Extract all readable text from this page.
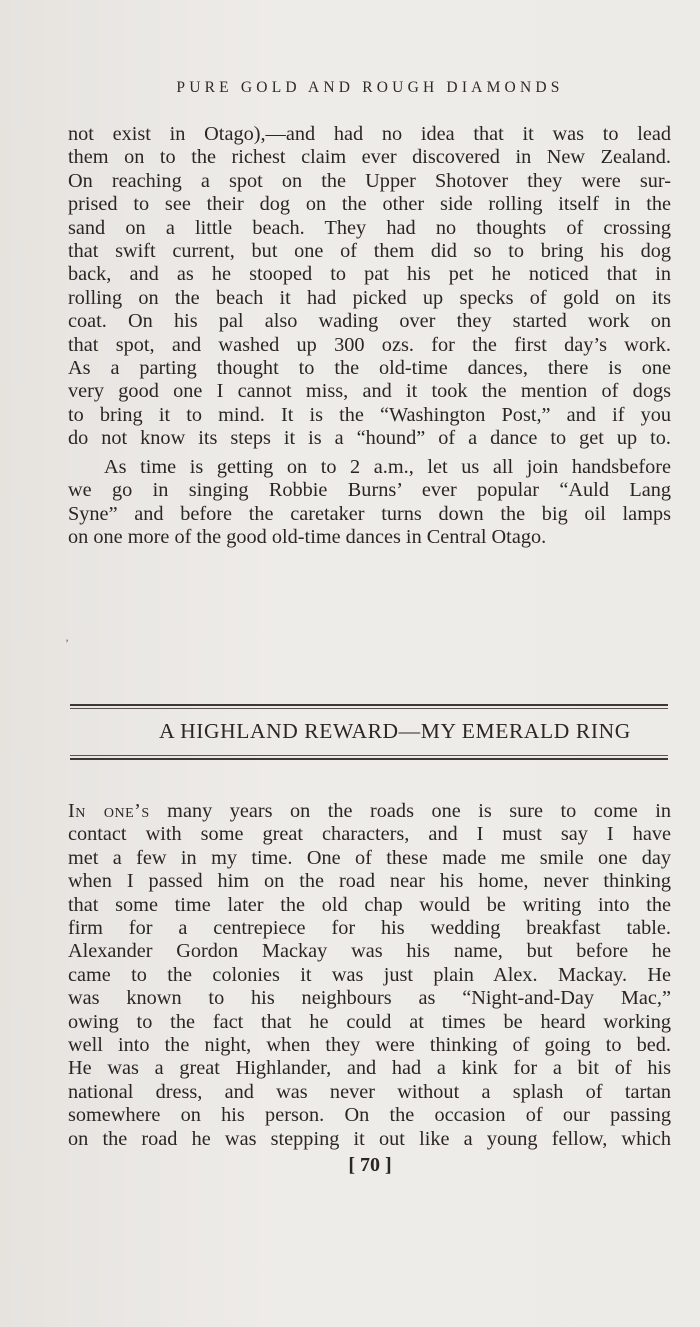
PURE GOLD AND ROUGH DIAMONDS
not exist in Otago),—and had no idea that it was to lead
them on to the richest claim ever discovered in New Zealand.
On reaching a spot on the Upper Shotover they were sur-
prised to see their dog on the other side rolling itself in the
sand on a little beach. They had no thoughts of crossing
that swift current, but one of them did so to bring his dog
back, and as he stooped to pat his pet he noticed that in
rolling on the beach it had picked up specks of gold on its
coat. On his pal also wading over they started work on
that spot, and washed up 300 ozs. for the first day’s work.
As a parting thought to the old-time dances, there is one
very good one I cannot miss, and it took the mention of dogs
to bring it to mind. It is the “Washington Post,” and if you
do not know its steps it is a “hound” of a dance to get up to.
As time is getting on to 2 a.m., let us all join handsbefore
we go in singing Robbie Burns’ ever popular “Auld Lang
Syne” and before the caretaker turns down the big oil lamps
on one more of the good old-time dances in Central Otago.
’
A HIGHLAND REWARD—MY EMERALD RING
In one’s many years on the roads one is sure to come in
contact with some great characters, and I must say I have
met a few in my time. One of these made me smile one day
when I passed him on the road near his home, never thinking
that some time later the old chap would be writing into the
firm for a centrepiece for his wedding breakfast table.
Alexander Gordon Mackay was his name, but before he
came to the colonies it was just plain Alex. Mackay. He
was known to his neighbours as “Night-and-Day Mac,”
owing to the fact that he could at times be heard working
well into the night, when they were thinking of going to bed.
He was a great Highlander, and had a kink for a bit of his
national dress, and was never without a splash of tartan
somewhere on his person. On the occasion of our passing
on the road he was stepping it out like a young fellow, which
[ 70 ]
